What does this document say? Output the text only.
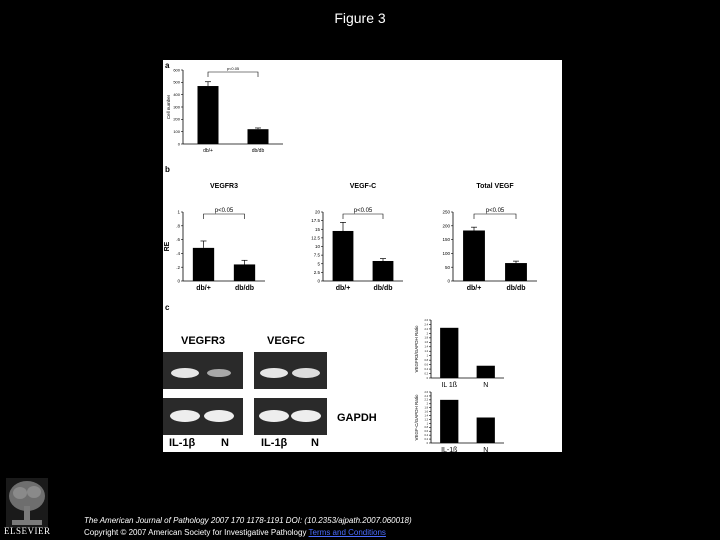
Figure 3
a
b
c
VEGFR3	VEGFC
GAPDH
IL-1β N	IL-1β N
0
100
200
300
400
500
600
db/+	db/db
Cell number
p<0.05
0
.2
.4
.6
.8
1
db/+	db/db
VEGFR3
RE
p<0.05
0
2.5
5
7.5
10
12.5
15
17.5
20
db/+	db/db
VEGF-C
p<0.05
0
50
100
150
200
250
db/+	db/db
Total VEGF
p<0.05
0
0.2
0.4
0.6
0.8
1
1.2
1.4
1.6
1.8
2
2.2
2.4
2.6
IL 1ß	N
VEGFR3/GAPDH Ratio
0
0.2
0.4
0.6
0.8
1
1.2
1.4
1.6
1.8
2
2.2
2.4
2.6
IL-1ß	N
VEGF-C/GAPDH Ratio
ELSEVIER
The American Journal of Pathology 2007 170 1178-1191 DOI: (10.2353/ajpath.2007.060018)
Copyright © 2007 American Society for Investigative Pathology Terms and Conditions
